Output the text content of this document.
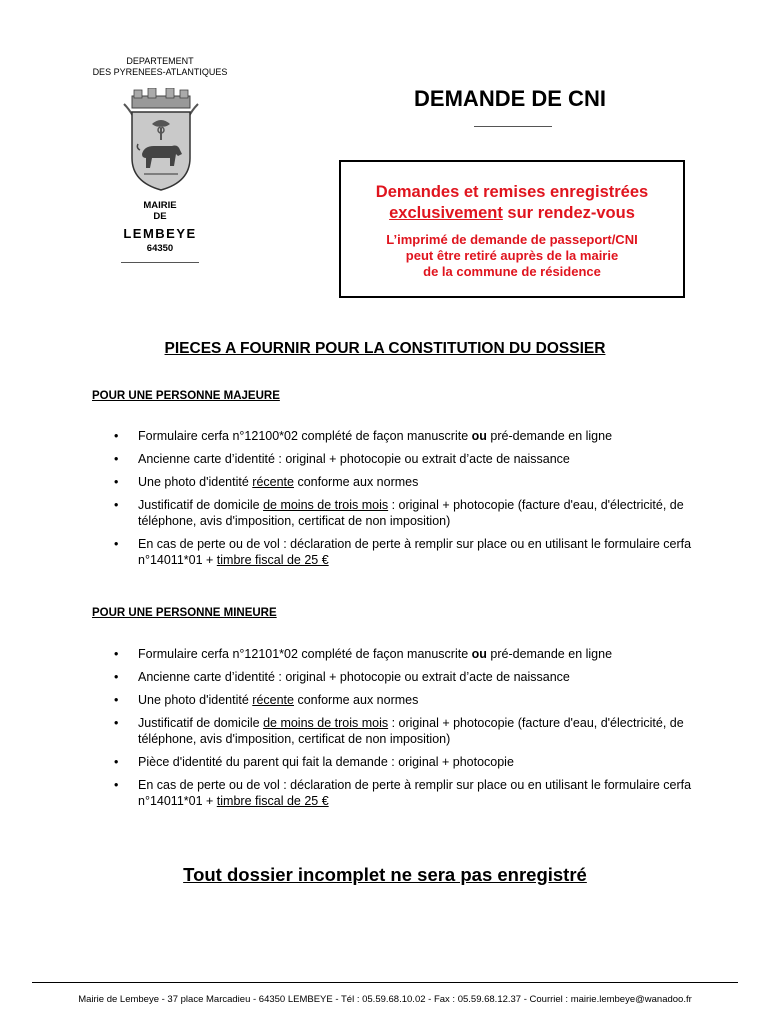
DEPARTEMENT
DES PYRENEES-ATLANTIQUES
MAIRIE
DE
LEMBEYE
64350
DEMANDE DE CNI
Demandes et remises enregistrées
exclusivement sur rendez-vous
L’imprimé de demande de passeport/CNI
peut être retiré auprès de la mairie
de la commune de résidence
PIECES A FOURNIR POUR LA CONSTITUTION DU DOSSIER
POUR UNE PERSONNE MAJEURE
• Formulaire cerfa n°12100*02 complété de façon manuscrite ou pré-demande en ligne
• Ancienne carte d’identité : original + photocopie ou extrait d’acte de naissance
• Une photo d'identité récente conforme aux normes
• Justificatif de domicile de moins de trois mois : original + photocopie (facture d'eau, d'électricité, de téléphone, avis d'imposition, certificat de non imposition)
• En cas de perte ou de vol : déclaration de perte à remplir sur place ou en utilisant le formulaire cerfa n°14011*01 + timbre fiscal de 25 €
POUR UNE PERSONNE MINEURE
• Formulaire cerfa n°12101*02 complété de façon manuscrite ou pré-demande en ligne
• Ancienne carte d’identité : original + photocopie ou extrait d’acte de naissance
• Une photo d'identité récente conforme aux normes
• Justificatif de domicile de moins de trois mois : original + photocopie (facture d'eau, d'électricité, de téléphone, avis d'imposition, certificat de non imposition)
• Pièce d'identité du parent qui fait la demande : original + photocopie
• En cas de perte ou de vol : déclaration de perte à remplir sur place ou en utilisant le formulaire cerfa n°14011*01 + timbre fiscal de 25 €
Tout dossier incomplet ne sera pas enregistré
Mairie de Lembeye - 37 place Marcadieu - 64350 LEMBEYE - Tél : 05.59.68.10.02 - Fax : 05.59.68.12.37 - Courriel : mairie.lembeye@wanadoo.fr
